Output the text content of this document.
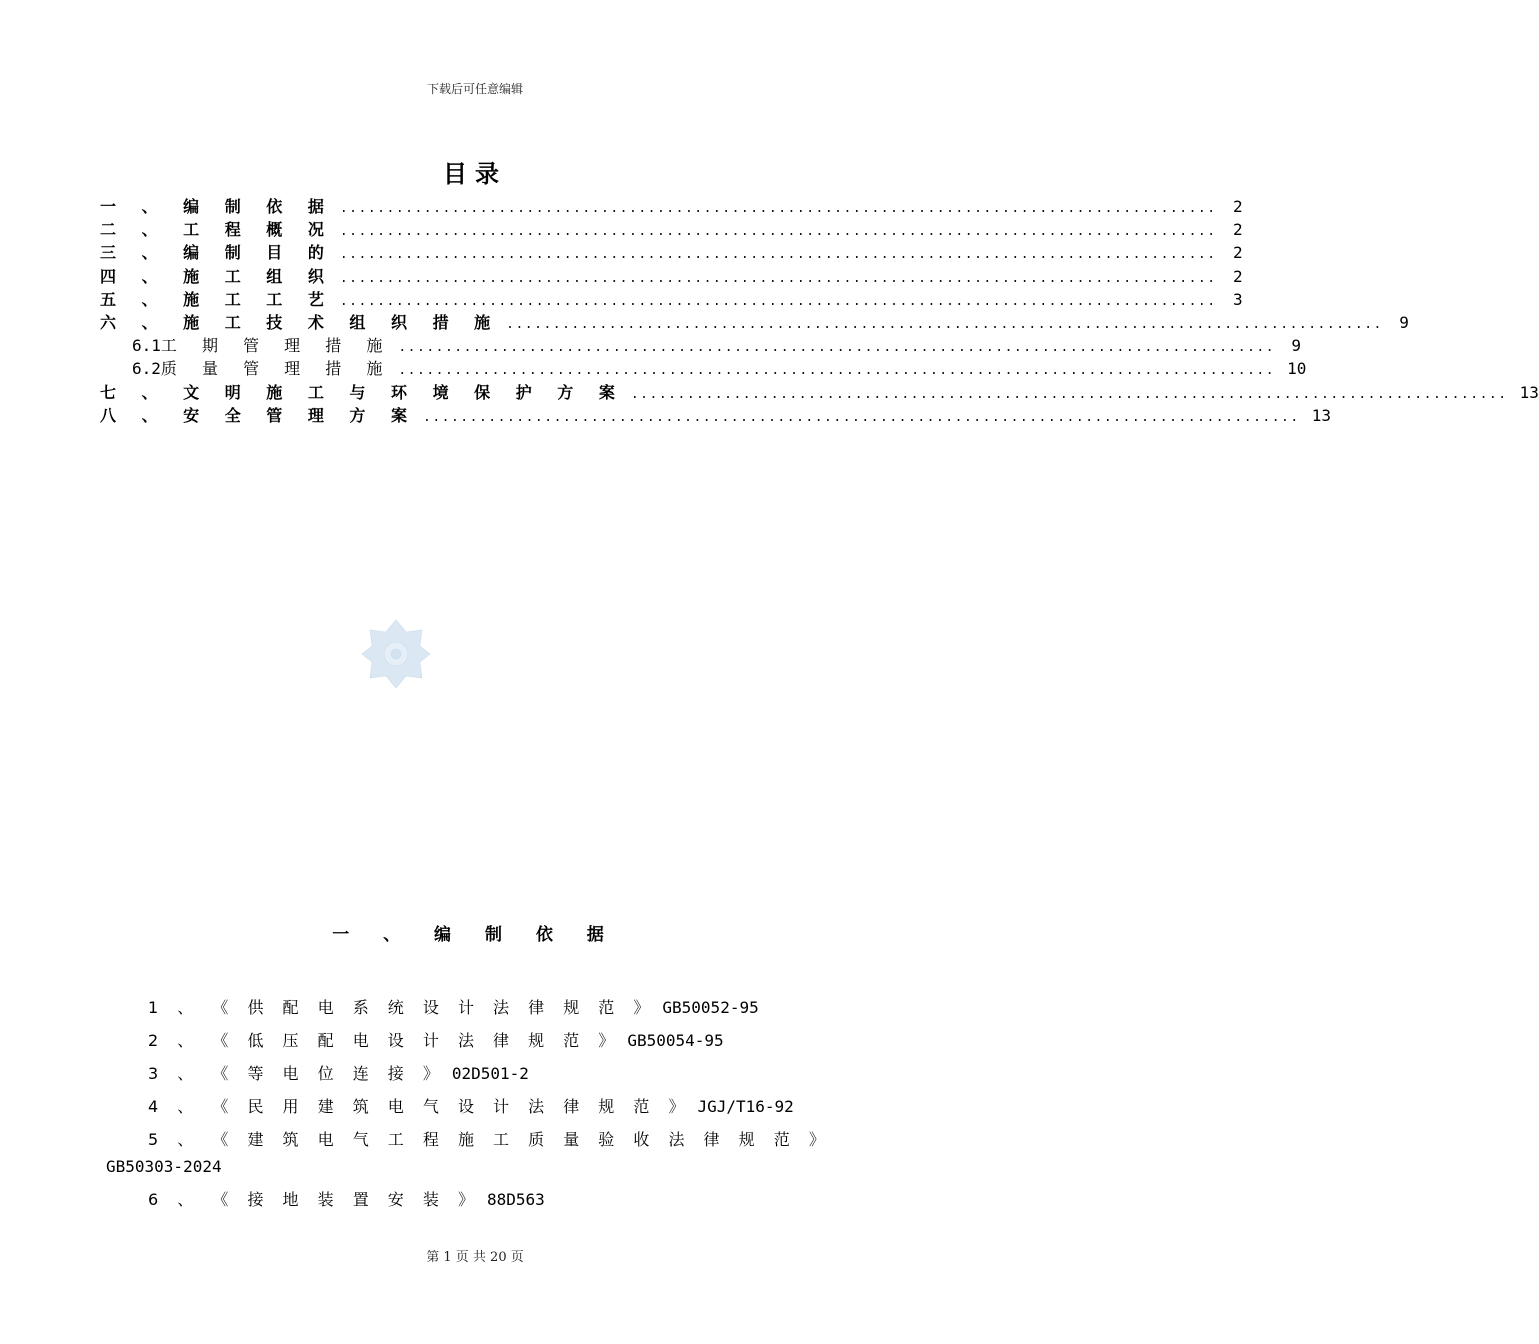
下载后可任意编辑
目录
一 、 编 制 依 据 .............................................................................................. 2
二 、 工 程 概 况 .............................................................................................. 2
三 、 编 制 目 的 .............................................................................................. 2
四 、 施 工 组 织 .............................................................................................. 2
五 、 施 工 工 艺 .............................................................................................. 3
六 、 施 工 技 术 组 织 措 施 .............................................................................................. 9
6.1 工 期 管 理 措 施 .............................................................................................. 9
6.2 质 量 管 理 措 施 .............................................................................................. 10
七 、 文 明 施 工 与 环 境 保 护 方 案 .............................................................................................. 13
八 、 安 全 管 理 方 案 .............................................................................................. 13
一 、 编 制 依 据
1 、 《 供 配 电 系 统 设 计 法 律 规 范 》 GB50052-95
2 、 《 低 压 配 电 设 计 法 律 规 范 》 GB50054-95
3 、 《 等 电 位 连 接 》 02D501-2
4 、 《 民 用 建 筑 电 气 设 计 法 律 规 范 》 JGJ/T16-92
5 、 《 建 筑 电 气 工 程 施 工 质 量 验 收 法 律 规 范 》GB50303-2024
6 、 《 接 地 装 置 安 装 》 88D563
第 1 页 共 20 页
